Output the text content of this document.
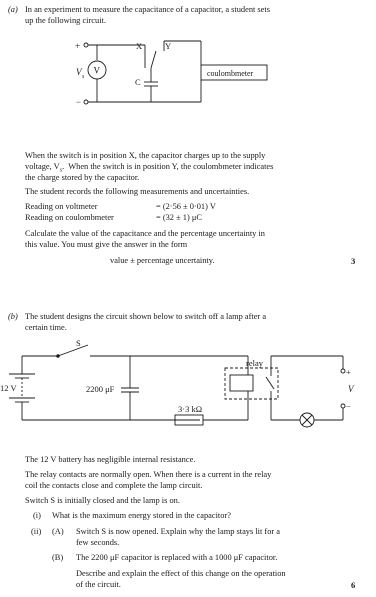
(a) In an experiment to measure the capacitance of a capacitor, a student sets

up the following circuit.

+
−
V s
V
X	Y
C
coulombmeter

When the switch is in position X, the capacitor charges up to the supply

voltage, $V_s$.  When the switch is in position Y, the coulombmeter indicates

the charge stored by the capacitor.

The student records the following measurements and uncertainties.

Reading on voltmeter	= (2·56 ± 0·01) V

Reading on coulombmeter	= (32 ± 1) μC

Calculate the value of the capacitance and the percentage uncertainty in

this value. You must give the answer in the form

value ± percentage uncertainty.	3

(b) The student designs the circuit shown below to switch off a lamp after a

certain time.

S
12 V	2200 μF
3·3 kΩ
relay
+
−
V

The 12 V battery has negligible internal resistance.

The relay contacts are normally open. When there is a current in the relay

coil the contacts close and complete the lamp circuit.

Switch S is initially closed and the lamp is on.

(i) What is the maximum energy stored in the capacitor?

(ii) (A) Switch S is now opened. Explain why the lamp stays lit for a

few seconds.

(B) The 2200 μF capacitor is replaced with a 1000 μF capacitor.

Describe and explain the effect of this change on the operation

of the circuit.	6
